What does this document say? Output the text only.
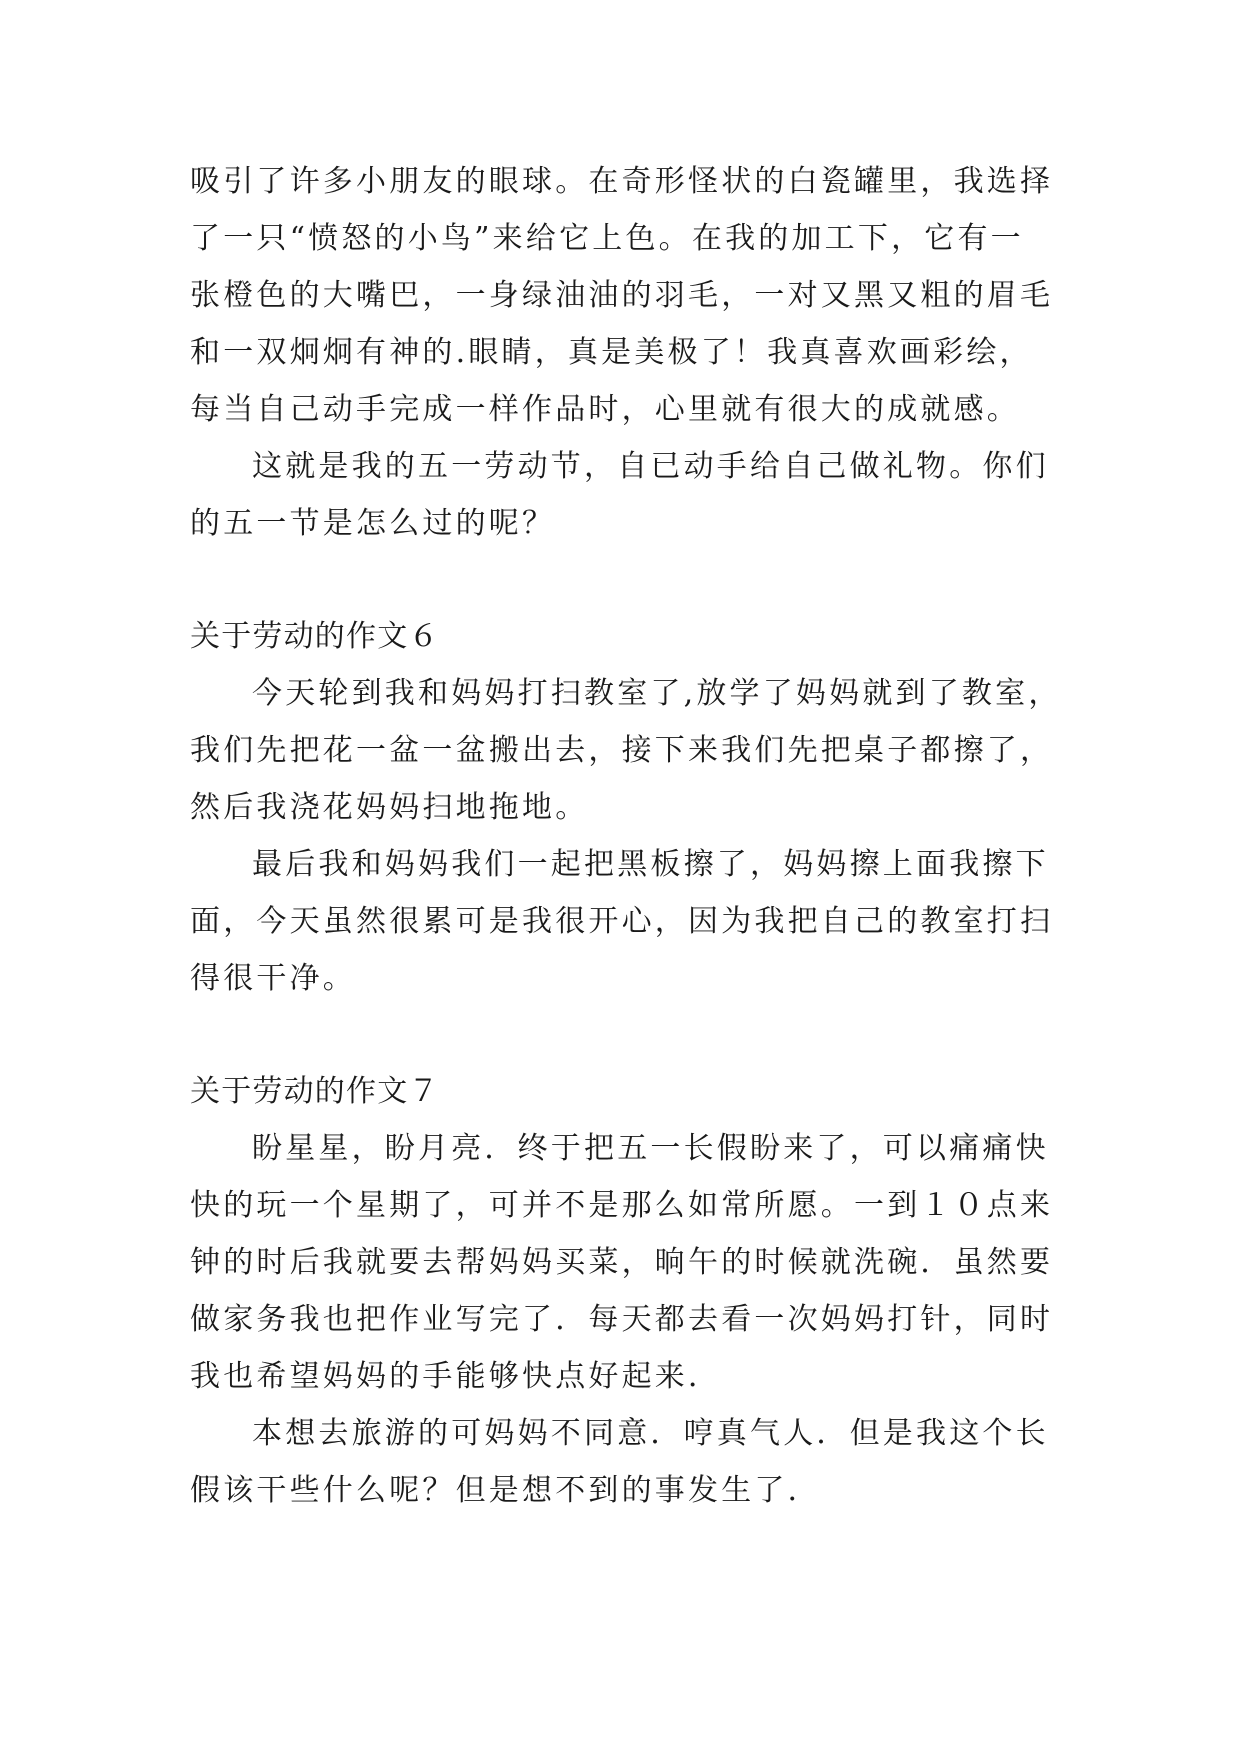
吸引了许多小朋友的眼球。在奇形怪状的白瓷罐里，我选择
了一只“愤怒的小鸟”来给它上色。在我的加工下，它有一
张橙色的大嘴巴，一身绿油油的羽毛，一对又黑又粗的眉毛
和一双炯炯有神的.眼睛，真是美极了！我真喜欢画彩绘，
每当自己动手完成一样作品时，心里就有很大的成就感。
这就是我的五一劳动节，自已动手给自己做礼物。你们
的五一节是怎么过的呢？
关于劳动的作文６
今天轮到我和妈妈打扫教室了,放学了妈妈就到了教室，
我们先把花一盆一盆搬出去，接下来我们先把桌子都擦了，
然后我浇花妈妈扫地拖地。
最后我和妈妈我们一起把黑板擦了，妈妈擦上面我擦下
面，今天虽然很累可是我很开心，因为我把自己的教室打扫
得很干净。
关于劳动的作文７
盼星星，盼月亮．终于把五一长假盼来了，可以痛痛快
快的玩一个星期了，可并不是那么如常所愿。一到１０点来
钟的时后我就要去帮妈妈买菜，晌午的时候就洗碗．虽然要
做家务我也把作业写完了．每天都去看一次妈妈打针，同时
我也希望妈妈的手能够快点好起来．
本想去旅游的可妈妈不同意．哼真气人．但是我这个长
假该干些什么呢？但是想不到的事发生了．
